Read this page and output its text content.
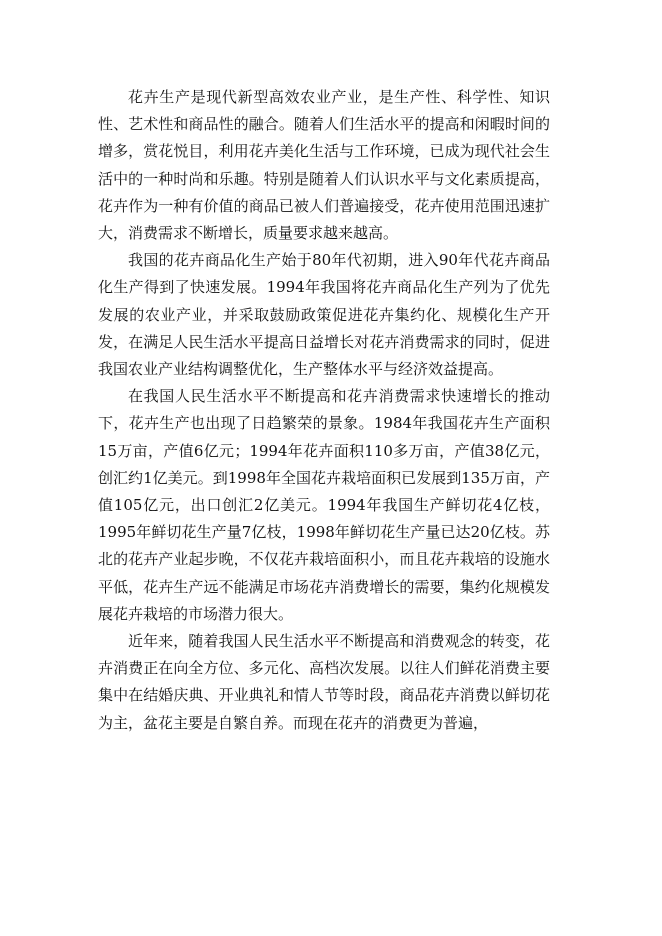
花卉生产是现代新型高效农业产业，是生产性、科学性、知识性、艺术性和商品性的融合。随着人们生活水平的提高和闲暇时间的增多，赏花悦目，利用花卉美化生活与工作环境，已成为现代社会生活中的一种时尚和乐趣。特别是随着人们认识水平与文化素质提高，花卉作为一种有价值的商品已被人们普遍接受，花卉使用范围迅速扩大，消费需求不断增长，质量要求越来越高。

我国的花卉商品化生产始于80年代初期，进入90年代花卉商品化生产得到了快速发展。1994年我国将花卉商品化生产列为了优先发展的农业产业，并采取鼓励政策促进花卉集约化、规模化生产开发，在满足人民生活水平提高日益增长对花卉消费需求的同时，促进我国农业产业结构调整优化，生产整体水平与经济效益提高。

在我国人民生活水平不断提高和花卉消费需求快速增长的推动下，花卉生产也出现了日趋繁荣的景象。1984年我国花卉生产面积15万亩，产值6亿元；1994年花卉面积110多万亩，产值38亿元，创汇约1亿美元。到1998年全国花卉栽培面积已发展到135万亩，产值105亿元，出口创汇2亿美元。1994年我国生产鲜切花4亿枝，1995年鲜切花生产量7亿枝，1998年鲜切花生产量已达20亿枝。苏北的花卉产业起步晚，不仅花卉栽培面积小，而且花卉栽培的设施水平低，花卉生产远不能满足市场花卉消费增长的需要，集约化规模发展花卉栽培的市场潜力很大。

近年来，随着我国人民生活水平不断提高和消费观念的转变，花卉消费正在向全方位、多元化、高档次发展。以往人们鲜花消费主要集中在结婚庆典、开业典礼和情人节等时段，商品花卉消费以鲜切花为主，盆花主要是自繁自养。而现在花卉的消费更为普遍，
